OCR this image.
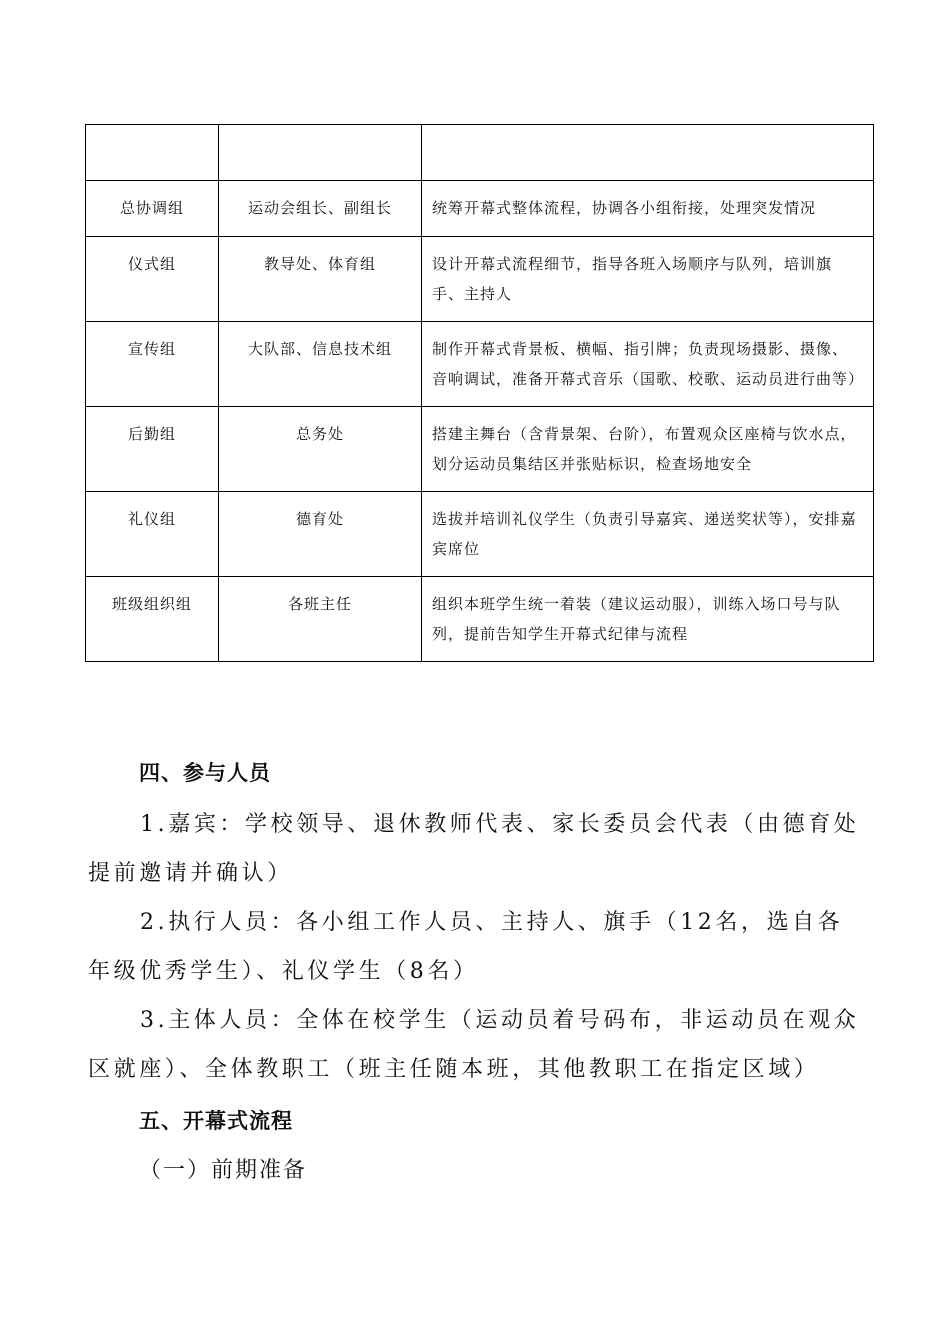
总协调组	运动会组长、副组长	统筹开幕式整体流程，协调各小组衔接，处理突发情况
仪式组	教导处、体育组	设计开幕式流程细节，指导各班入场顺序与队列，培训旗手、主持人
宣传组	大队部、信息技术组	制作开幕式背景板、横幅、指引牌；负责现场摄影、摄像、音响调试，准备开幕式音乐（国歌、校歌、运动员进行曲等）
后勤组	总务处	搭建主舞台（含背景架、台阶），布置观众区座椅与饮水点，划分运动员集结区并张贴标识，检查场地安全
礼仪组	德育处	选拔并培训礼仪学生（负责引导嘉宾、递送奖状等），安排嘉宾席位
班级组织组	各班主任	组织本班学生统一着装（建议运动服），训练入场口号与队列，提前告知学生开幕式纪律与流程
四、参与人员
1.嘉宾：学校领导、退休教师代表、家长委员会代表（由德育处提前邀请并确认）
2.执行人员：各小组工作人员、主持人、旗手（12名，选自各年级优秀学生）、礼仪学生（8名）
3.主体人员：全体在校学生（运动员着号码布，非运动员在观众区就座）、全体教职工（班主任随本班，其他教职工在指定区域）
五、开幕式流程
（一）前期准备
